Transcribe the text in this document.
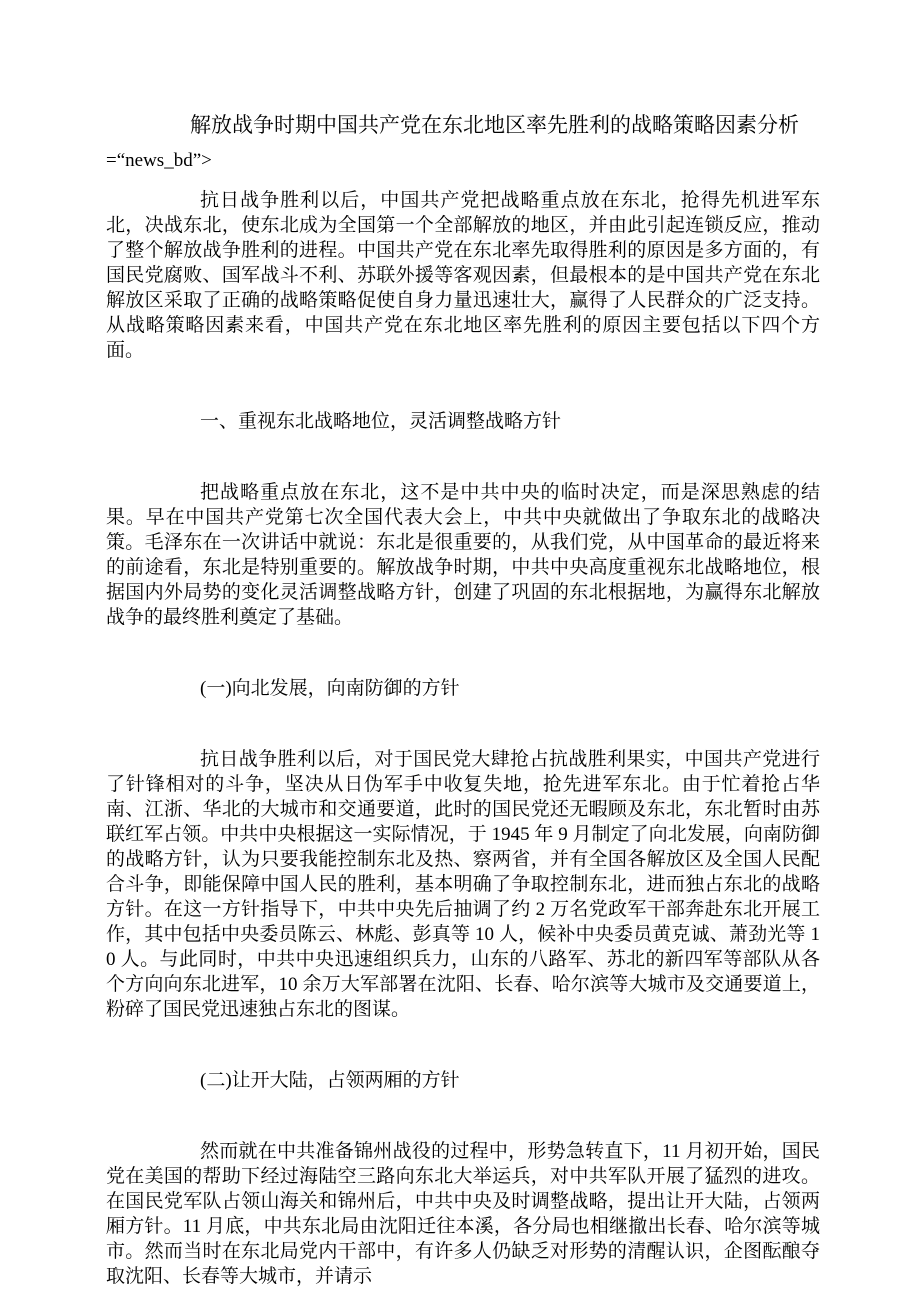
解放战争时期中国共产党在东北地区率先胜利的战略策略因素分析

=“news_bd”>

抗日战争胜利以后，中国共产党把战略重点放在东北，抢得先机进军东北，决战东北，使东北成为全国第一个全部解放的地区，并由此引起连锁反应，推动了整个解放战争胜利的进程。中国共产党在东北率先取得胜利的原因是多方面的，有国民党腐败、国军战斗不利、苏联外援等客观因素，但最根本的是中国共产党在东北解放区采取了正确的战略策略促使自身力量迅速壮大，赢得了人民群众的广泛支持。从战略策略因素来看，中国共产党在东北地区率先胜利的原因主要包括以下四个方面。

一、重视东北战略地位，灵活调整战略方针

把战略重点放在东北，这不是中共中央的临时决定，而是深思熟虑的结果。早在中国共产党第七次全国代表大会上，中共中央就做出了争取东北的战略决策。毛泽东在一次讲话中就说：东北是很重要的，从我们党，从中国革命的最近将来的前途看，东北是特别重要的。解放战争时期，中共中央高度重视东北战略地位，根据国内外局势的变化灵活调整战略方针，创建了巩固的东北根据地，为赢得东北解放战争的最终胜利奠定了基础。

(一)向北发展，向南防御的方针

抗日战争胜利以后，对于国民党大肆抢占抗战胜利果实，中国共产党进行了针锋相对的斗争，坚决从日伪军手中收复失地，抢先进军东北。由于忙着抢占华南、江浙、华北的大城市和交通要道，此时的国民党还无暇顾及东北，东北暂时由苏联红军占领。中共中央根据这一实际情况，于 1945 年 9 月制定了向北发展，向南防御的战略方针，认为只要我能控制东北及热、察两省，并有全国各解放区及全国人民配合斗争，即能保障中国人民的胜利，基本明确了争取控制东北，进而独占东北的战略方针。在这一方针指导下，中共中央先后抽调了约 2 万名党政军干部奔赴东北开展工作，其中包括中央委员陈云、林彪、彭真等 10 人，候补中央委员黄克诚、萧劲光等 10 人。与此同时，中共中央迅速组织兵力，山东的八路军、苏北的新四军等部队从各个方向向东北进军，10 余万大军部署在沈阳、长春、哈尔滨等大城市及交通要道上，粉碎了国民党迅速独占东北的图谋。

(二)让开大陆，占领两厢的方针

然而就在中共准备锦州战役的过程中，形势急转直下，11 月初开始，国民党在美国的帮助下经过海陆空三路向东北大举运兵，对中共军队开展了猛烈的进攻。在国民党军队占领山海关和锦州后，中共中央及时调整战略，提出让开大陆，占领两厢方针。11 月底，中共东北局由沈阳迁往本溪，各分局也相继撤出长春、哈尔滨等城市。然而当时在东北局党内干部中，有许多人仍缺乏对形势的清醒认识，企图酝酿夺取沈阳、长春等大城市，并请示
